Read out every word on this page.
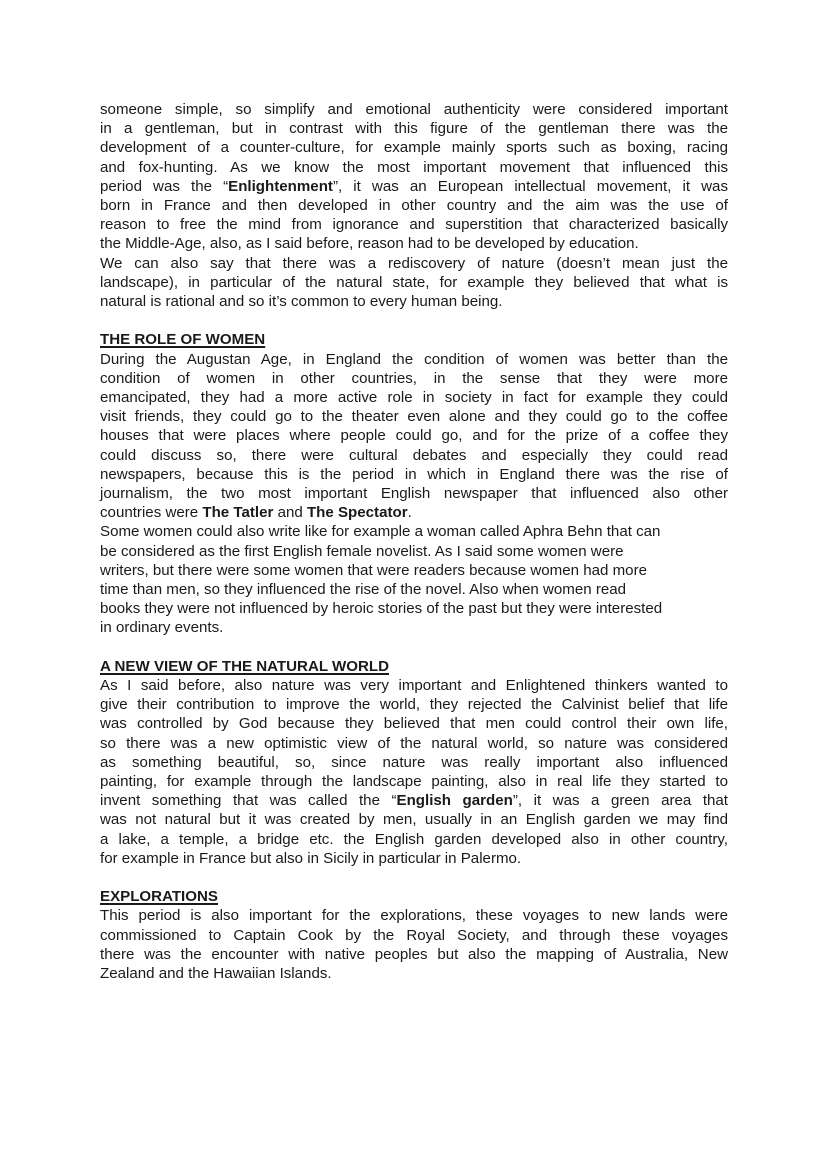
someone simple, so simplify and emotional authenticity were considered important
in a gentleman, but in contrast with this figure of the gentleman there was the
development of a counter-culture, for example mainly sports such as boxing, racing
and fox-hunting. As we know the most important movement that influenced this
period was the “Enlightenment”, it was an European intellectual movement, it was
born in France and then developed in other country and the aim was the use of
reason to free the mind from ignorance and superstition that characterized basically
the Middle-Age, also, as I said before, reason had to be developed by education.
We can also say that there was a rediscovery of nature (doesn’t mean just the
landscape), in particular of the natural state, for example they believed that what is
natural is rational and so it’s common to every human being.
THE ROLE OF WOMEN
During the Augustan Age, in England the condition of women was better than the
condition of women in other countries, in the sense that they were more
emancipated, they had a more active role in society in fact for example they could
visit friends, they could go to the theater even alone and they could go to the coffee
houses that were places where people could go, and for the prize of a coffee they
could discuss so, there were cultural debates and especially they could read
newspapers, because this is the period in which in England there was the rise of
journalism, the two most important English newspaper that influenced also other
countries were The Tatler and The Spectator.
Some women could also write like for example a woman called Aphra Behn that can
be considered as the first English female novelist. As I said some women were
writers, but there were some women that were readers because women had more
time than men, so they influenced the rise of the novel. Also when women read
books they were not influenced by heroic stories of the past but they were interested
in ordinary events.
A NEW VIEW OF THE NATURAL WORLD
As I said before, also nature was very important and Enlightened thinkers wanted to
give their contribution to improve the world, they rejected the Calvinist belief that life
was controlled by God because they believed that men could control their own life,
so there was a new optimistic view of the natural world, so nature was considered
as something beautiful, so, since nature was really important also influenced
painting, for example through the landscape painting, also in real life they started to
invent something that was called the “English garden”, it was a green area that
was not natural but it was created by men, usually in an English garden we may find
a lake, a temple, a bridge etc. the English garden developed also in other country,
for example in France but also in Sicily in particular in Palermo.
EXPLORATIONS
This period is also important for the explorations, these voyages to new lands were
commissioned to Captain Cook by the Royal Society, and through these voyages
there was the encounter with native peoples but also the mapping of Australia, New
Zealand and the Hawaiian Islands.
